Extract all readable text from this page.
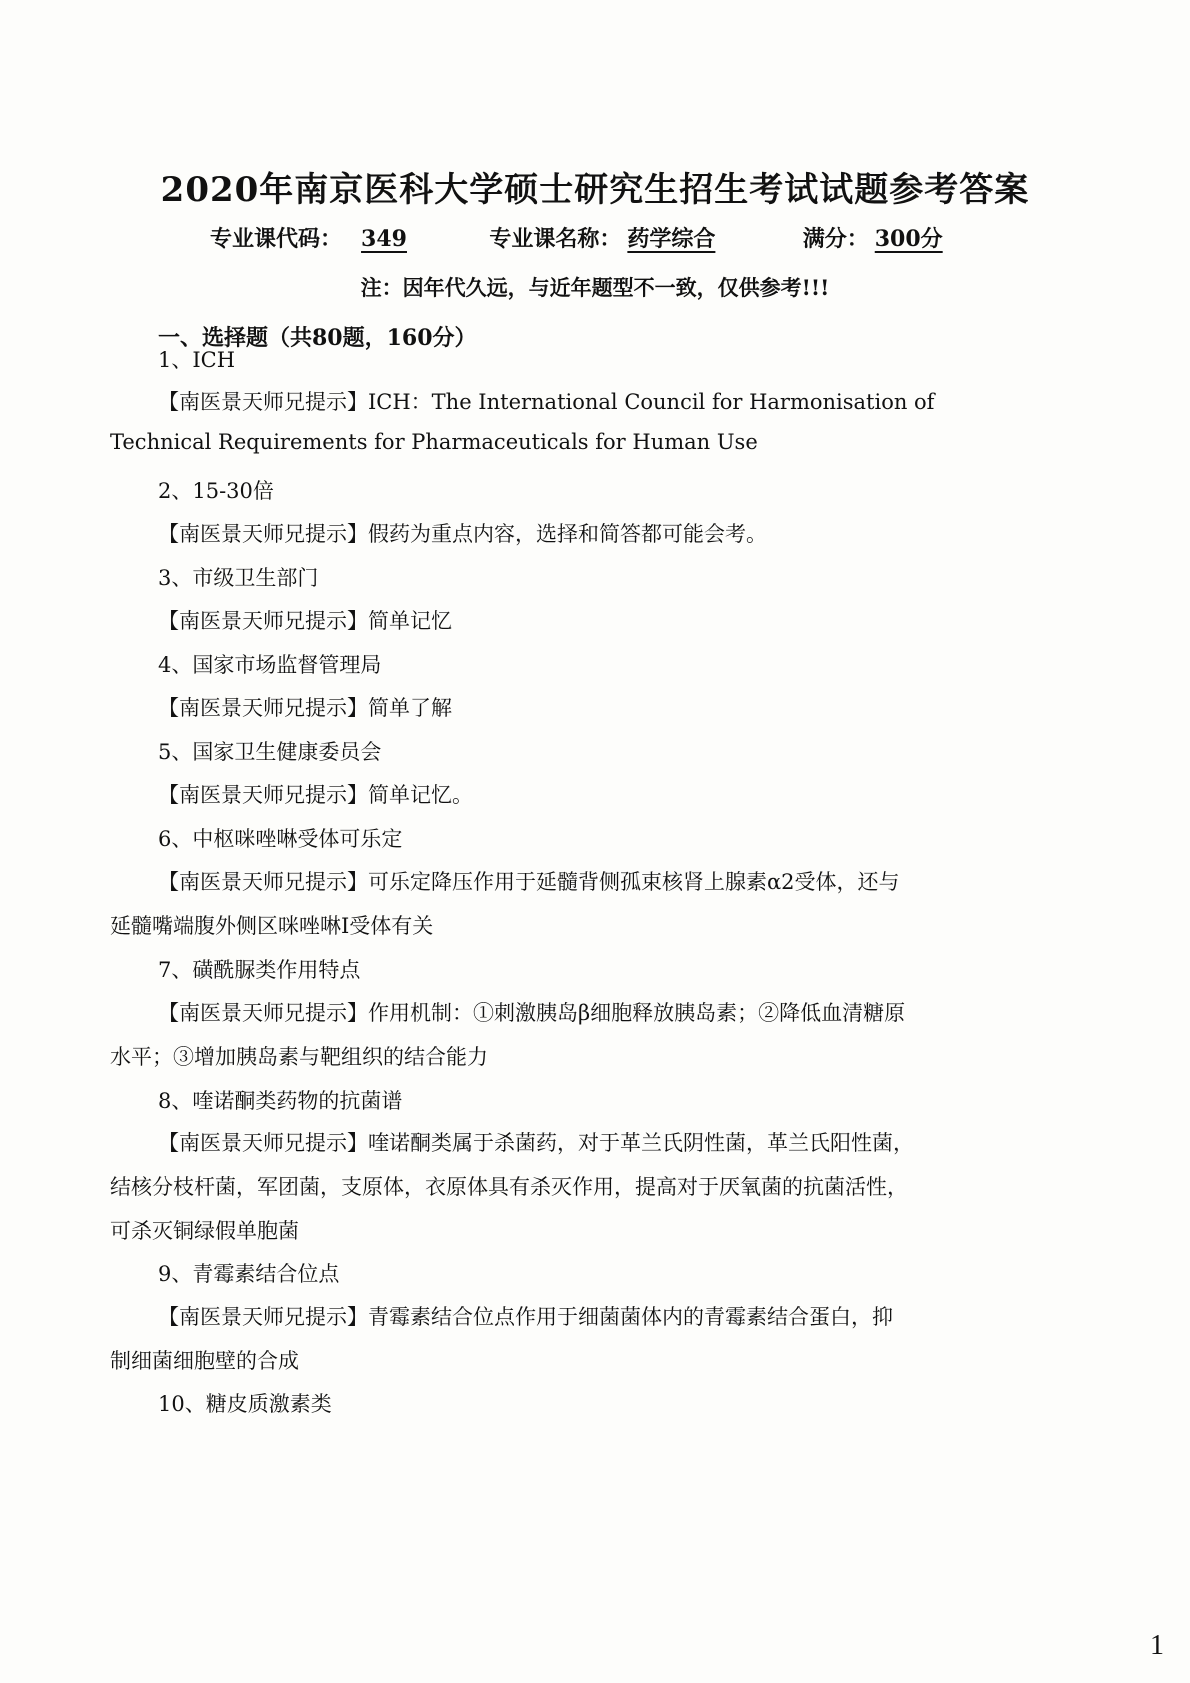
2020年南京医科大学硕士研究生招生考试试题参考答案
专业课代码： 349	专业课名称： 药学综合	满分： 300分
注：因年代久远，与近年题型不一致，仅供参考!!!
一、选择题（共80题，160分）
1、ICH
【南医景天师兄提示】ICH：The International Council for Harmonisation of
Technical Requirements for Pharmaceuticals for Human Use
2、15-30倍
【南医景天师兄提示】假药为重点内容，选择和简答都可能会考。
3、市级卫生部门
【南医景天师兄提示】简单记忆
4、国家市场监督管理局
【南医景天师兄提示】简单了解
5、国家卫生健康委员会
【南医景天师兄提示】简单记忆。
6、中枢咪唑啉受体可乐定
【南医景天师兄提示】可乐定降压作用于延髓背侧孤束核肾上腺素α2受体，还与
延髓嘴端腹外侧区咪唑啉Ⅰ受体有关
7、磺酰脲类作用特点
【南医景天师兄提示】作用机制：①刺激胰岛β细胞释放胰岛素；②降低血清糖原
水平；③增加胰岛素与靶组织的结合能力
8、喹诺酮类药物的抗菌谱
【南医景天师兄提示】喹诺酮类属于杀菌药，对于革兰氏阴性菌，革兰氏阳性菌，
结核分枝杆菌，军团菌，支原体，衣原体具有杀灭作用，提高对于厌氧菌的抗菌活性，
可杀灭铜绿假单胞菌
9、青霉素结合位点
【南医景天师兄提示】青霉素结合位点作用于细菌菌体内的青霉素结合蛋白，抑
制细菌细胞壁的合成
10、糖皮质激素类
1
